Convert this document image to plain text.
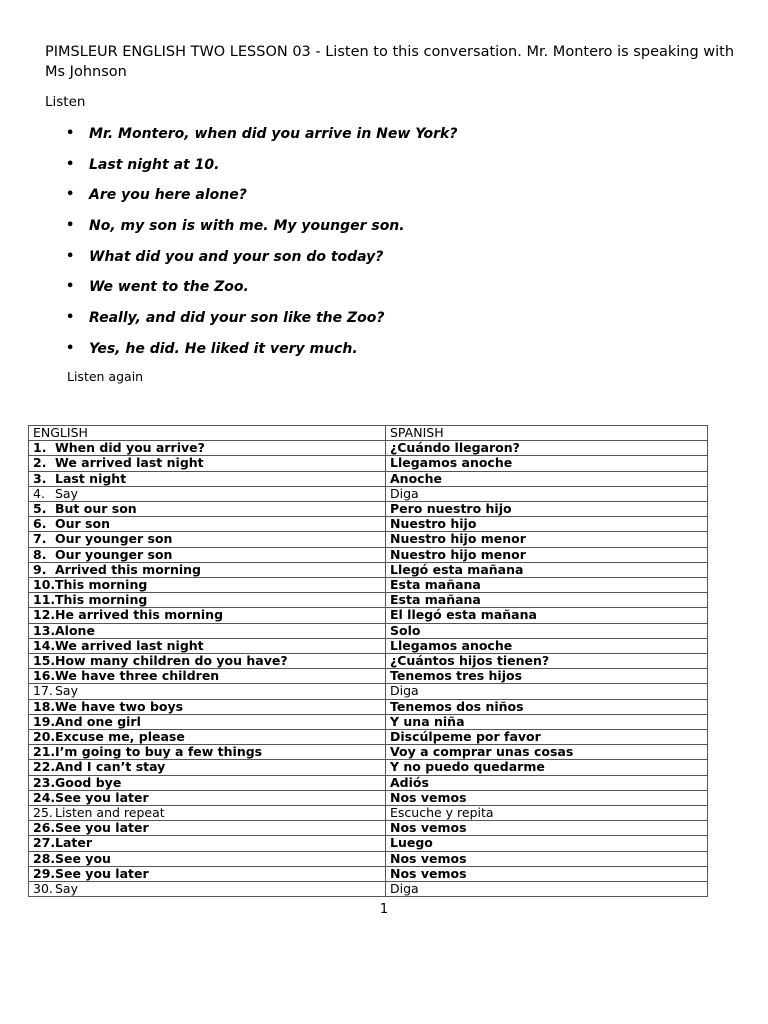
PIMSLEUR ENGLISH TWO LESSON 03 - Listen to this conversation. Mr. Montero is speaking with Ms Johnson
Listen
• Mr. Montero, when did you arrive in New York?
• Last night at 10.
• Are you here alone?
• No, my son is with me. My younger son.
• What did you and your son do today?
• We went to the Zoo.
• Really, and did your son like the Zoo?
• Yes, he did. He liked it very much.
Listen again
ENGLISH	SPANISH
1. When did you arrive?	¿Cuándo llegaron?
2. We arrived last night	Llegamos anoche
3. Last night	Anoche
4. Say	Diga
5. But our son	Pero nuestro hijo
6. Our son	Nuestro hijo
7. Our younger son	Nuestro hijo menor
8. Our younger son	Nuestro hijo menor
9. Arrived this morning	Llegó esta mañana
10.This morning	Esta mañana
11.This morning	Esta mañana
12.He arrived this morning	El llegó esta mañana
13.Alone	Solo
14.We arrived last night	Llegamos anoche
15.How many children do you have?	¿Cuántos hijos tienen?
16.We have three children	Tenemos tres hijos
17. Say	Diga
18.We have two boys	Tenemos dos niños
19.And one girl	Y una niña
20.Excuse me, please	Discúlpeme por favor
21.I’m going to buy a few things	Voy a comprar unas cosas
22.And I can’t stay	Y no puedo quedarme
23.Good bye	Adiós
24.See you later	Nos vemos
25. Listen and repeat	Escuche y repita
26.See you later	Nos vemos
27.Later	Luego
28.See you	Nos vemos
29.See you later	Nos vemos
30. Say	Diga
1
